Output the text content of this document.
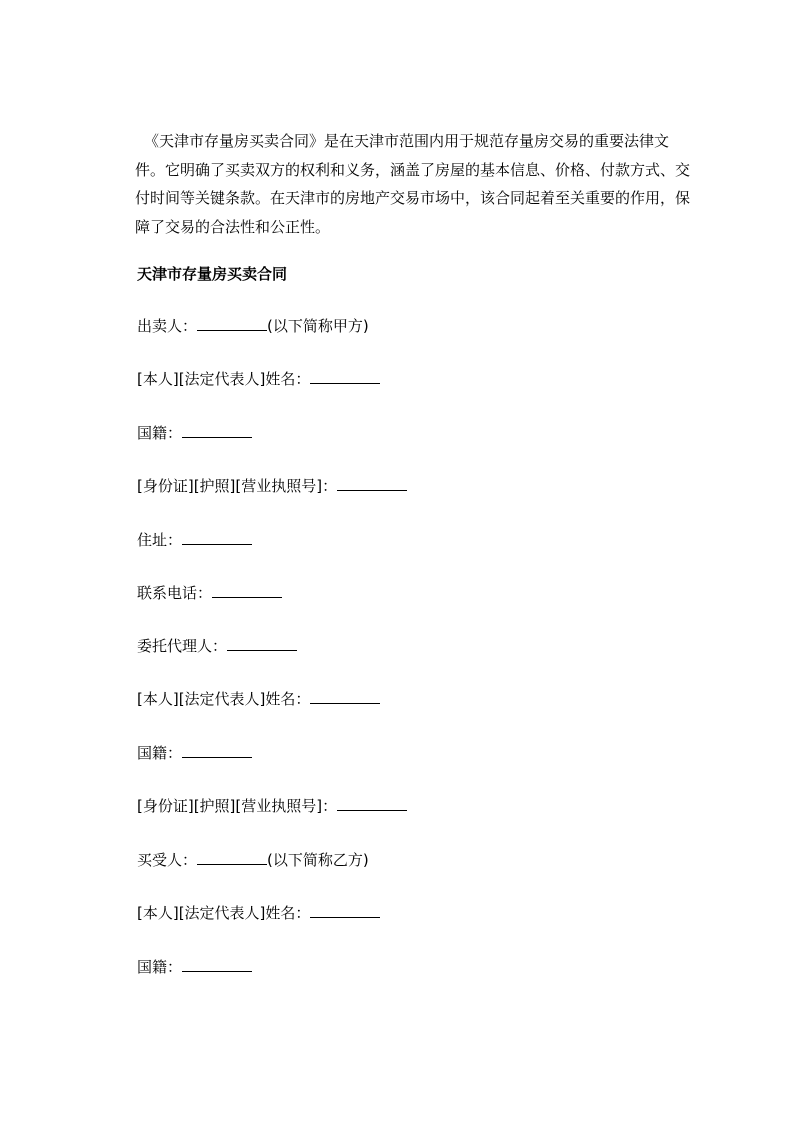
《天津市存量房买卖合同》是在天津市范围内用于规范存量房交易的重要法律文
件。它明确了买卖双方的权利和义务，涵盖了房屋的基本信息、价格、付款方式、交
付时间等关键条款。在天津市的房地产交易市场中，该合同起着至关重要的作用，保
障了交易的合法性和公正性。
天津市存量房买卖合同
出卖人：	(以下简称甲方)
[本人][法定代表人]姓名：
国籍：
[身份证][护照][营业执照号]：
住址：
联系电话：
委托代理人：
[本人][法定代表人]姓名：
国籍：
[身份证][护照][营业执照号]：
买受人：	(以下简称乙方)
[本人][法定代表人]姓名：
国籍：
